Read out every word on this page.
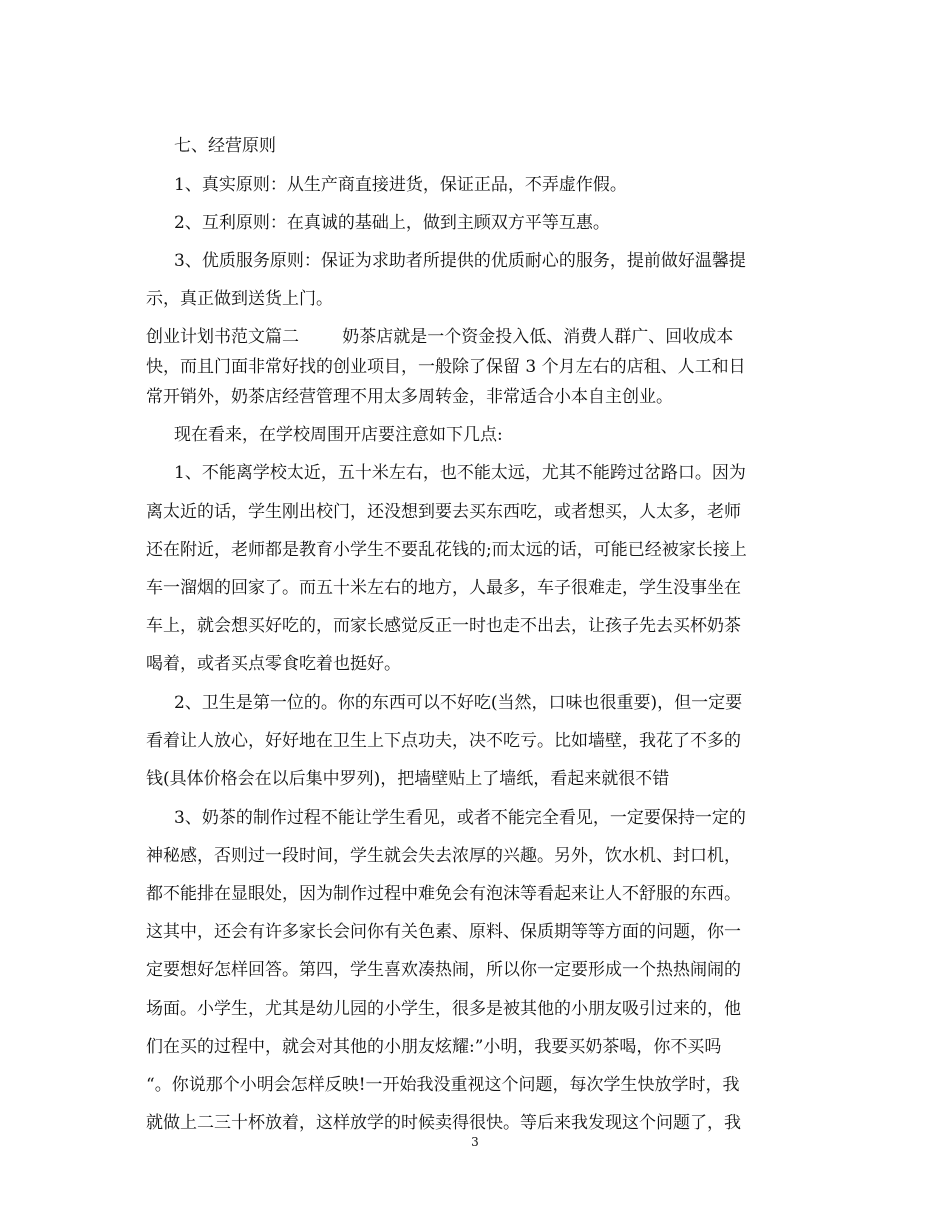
七、经营原则
1、真实原则：从生产商直接进货，保证正品，不弄虚作假。
2、互利原则：在真诚的基础上，做到主顾双方平等互惠。
3、优质服务原则：保证为求助者所提供的优质耐心的服务，提前做好温馨提
示，真正做到送货上门。
创业计划书范文篇二        奶茶店就是一个资金投入低、消费人群广、回收成本
快，而且门面非常好找的创业项目，一般除了保留 3 个月左右的店租、人工和日
常开销外，奶茶店经营管理不用太多周转金，非常适合小本自主创业。
现在看来，在学校周围开店要注意如下几点:
1、不能离学校太近，五十米左右，也不能太远，尤其不能跨过岔路口。因为
离太近的话，学生刚出校门，还没想到要去买东西吃，或者想买，人太多，老师
还在附近，老师都是教育小学生不要乱花钱的;而太远的话，可能已经被家长接上
车一溜烟的回家了。而五十米左右的地方，人最多，车子很难走，学生没事坐在
车上，就会想买好吃的，而家长感觉反正一时也走不出去，让孩子先去买杯奶茶
喝着，或者买点零食吃着也挺好。
2、卫生是第一位的。你的东西可以不好吃(当然，口味也很重要)，但一定要
看着让人放心，好好地在卫生上下点功夫，决不吃亏。比如墙壁，我花了不多的
钱(具体价格会在以后集中罗列)，把墙壁贴上了墙纸，看起来就很不错
3、奶茶的制作过程不能让学生看见，或者不能完全看见，一定要保持一定的
神秘感，否则过一段时间，学生就会失去浓厚的兴趣。另外，饮水机、封口机，
都不能排在显眼处，因为制作过程中难免会有泡沫等看起来让人不舒服的东西。
这其中，还会有许多家长会问你有关色素、原料、保质期等等方面的问题，你一
定要想好怎样回答。第四，学生喜欢凑热闹，所以你一定要形成一个热热闹闹的
场面。小学生，尤其是幼儿园的小学生，很多是被其他的小朋友吸引过来的，他
们在买的过程中，就会对其他的小朋友炫耀:”小明，我要买奶茶喝，你不买吗
“。你说那个小明会怎样反映!一开始我没重视这个问题，每次学生快放学时，我
就做上二三十杯放着，这样放学的时候卖得很快。等后来我发现这个问题了，我
3
